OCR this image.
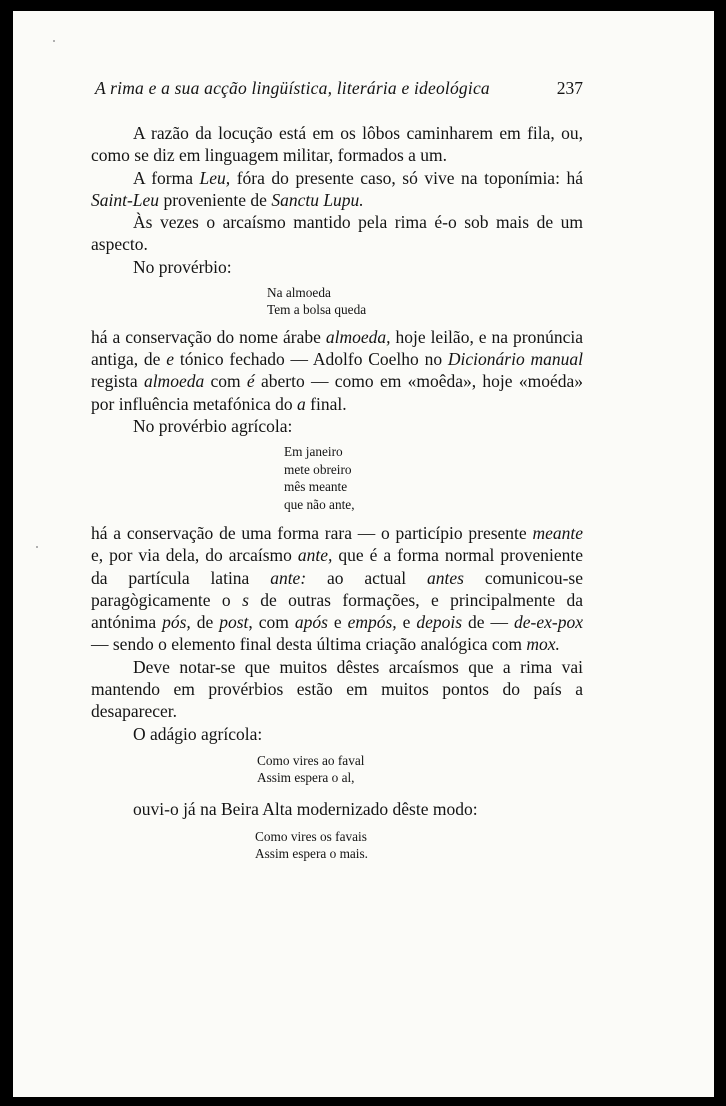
A rima e a sua acção lingüística, literária e ideológica	237

A razão da locução está em os lôbos caminharem em fila, ou, como se diz em linguagem militar, formados a um.

A forma Leu, fóra do presente caso, só vive na toponímia: há Saint-Leu proveniente de Sanctu Lupu.

Às vezes o arcaísmo mantido pela rima é-o sob mais de um aspecto.

No provérbio:

Na almoeda
Tem a bolsa queda

há a conservação do nome árabe almoeda, hoje leilão, e na pronúncia antiga, de e tónico fechado — Adolfo Coelho no Dicionário manual regista almoeda com é aberto — como em «moêda», hoje «moéda» por influência metafónica do a final.

No provérbio agrícola:

Em janeiro
mete obreiro
mês meante
que não ante,

há a conservação de uma forma rara — o particípio presente meante e, por via dela, do arcaísmo ante, que é a forma normal proveniente da partícula latina ante: ao actual antes comunicou-se paragògicamente o s de outras formações, e principalmente da antónima pós, de post, com após e empós, e depois de — de-ex-pox — sendo o elemento final desta última criação analógica com mox.

Deve notar-se que muitos dêstes arcaísmos que a rima vai mantendo em provérbios estão em muitos pontos do país a desaparecer.

O adágio agrícola:

Como vires ao faval
Assim espera o al,

ouvi-o já na Beira Alta modernizado dêste modo:

Como vires os favais
Assim espera o mais.
